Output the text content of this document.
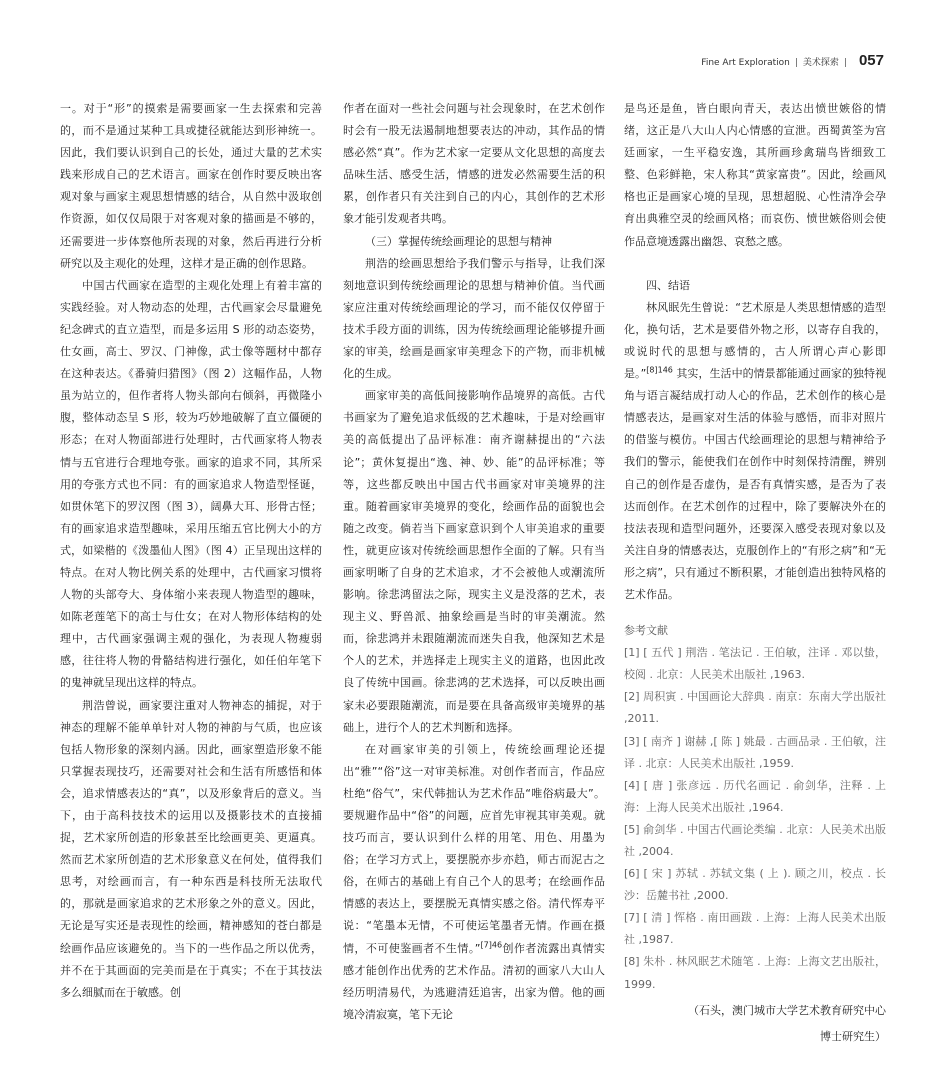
Fine Art Exploration | 美术探索 | 057

一。对于“形”的摸索是需要画家一生去探索和完善的，而不是通过某种工具或捷径就能达到形神统一。因此，我们要认识到自己的长处，通过大量的艺术实践来形成自己的艺术语言。画家在创作时要反映出客观对象与画家主观思想情感的结合，从自然中汲取创作资源，如仅仅局限于对客观对象的描画是不够的，还需要进一步体察他所表现的对象，然后再进行分析研究以及主观化的处理，这样才是正确的创作思路。

中国古代画家在造型的主观化处理上有着丰富的实践经验。对人物动态的处理，古代画家会尽量避免纪念碑式的直立造型，而是多运用 S 形的动态姿势，仕女画，高士、罗汉、门神像，武士像等题材中都存在这种表达。《番骑归猎图》（图 2）这幅作品，人物虽为站立的，但作者将人物头部向右倾斜，再微隆小腹，整体动态呈 S 形，较为巧妙地破解了直立僵硬的形态；在对人物面部进行处理时，古代画家将人物表情与五官进行合理地夸张。画家的追求不同，其所采用的夸张方式也不同：有的画家追求人物造型怪诞，如贯休笔下的罗汉图（图 3），阔鼻大耳、形骨古怪；有的画家追求造型趣味，采用压缩五官比例大小的方式，如梁楷的《泼墨仙人图》（图 4）正呈现出这样的特点。在对人物比例关系的处理中，古代画家习惯将人物的头部夸大、身体缩小来表现人物造型的趣味，如陈老莲笔下的高士与仕女；在对人物形体结构的处理中，古代画家强调主观的强化，为表现人物瘦弱感，往往将人物的骨骼结构进行强化，如任伯年笔下的鬼神就呈现出这样的特点。

荆浩曾说，画家要注重对人物神态的捕捉，对于神态的理解不能单单针对人物的神韵与气质，也应该包括人物形象的深刻内涵。因此，画家塑造形象不能只掌握表现技巧，还需要对社会和生活有所感悟和体会，追求情感表达的“真”，以及形象背后的意义。当下，由于高科技技术的运用以及摄影技术的直接捕捉，艺术家所创造的形象甚至比绘画更美、更逼真。然而艺术家所创造的艺术形象意义在何处，值得我们思考，对绘画而言，有一种东西是科技所无法取代的，那就是画家追求的艺术形象之外的意义。因此，无论是写实还是表现性的绘画，精神感知的苍白都是绘画作品应该避免的。当下的一些作品之所以优秀，并不在于其画面的完美而是在于真实；不在于其技法多么细腻而在于敏感。创

作者在面对一些社会问题与社会现象时，在艺术创作时会有一股无法遏制地想要表达的冲动，其作品的情感必然“真”。作为艺术家一定要从文化思想的高度去品味生活、感受生活，情感的迸发必然需要生活的积累，创作者只有关注到自己的内心，其创作的艺术形象才能引发观者共鸣。

（三）掌握传统绘画理论的思想与精神

荆浩的绘画思想给予我们警示与指导，让我们深刻地意识到传统绘画理论的思想与精神价值。当代画家应注重对传统绘画理论的学习，而不能仅仅停留于技术手段方面的训练，因为传统绘画理论能够提升画家的审美，绘画是画家审美理念下的产物，而非机械化的生成。

画家审美的高低间接影响作品境界的高低。古代书画家为了避免追求低级的艺术趣味，于是对绘画审美的高低提出了品评标准：南齐谢赫提出的“六法论”；黄休复提出“逸、神、妙、能”的品评标准；等等，这些都反映出中国古代书画家对审美境界的注重。随着画家审美境界的变化，绘画作品的面貌也会随之改变。倘若当下画家意识到个人审美追求的重要性，就更应该对传统绘画思想作全面的了解。只有当画家明晰了自身的艺术追求，才不会被他人或潮流所影响。徐悲鸿留法之际，现实主义是没落的艺术，表现主义、野兽派、抽象绘画是当时的审美潮流。然而，徐悲鸿并未跟随潮流而迷失自我，他深知艺术是个人的艺术，并选择走上现实主义的道路，也因此改良了传统中国画。徐悲鸿的艺术选择，可以反映出画家未必要跟随潮流，而是要在具备高级审美境界的基础上，进行个人的艺术判断和选择。

在对画家审美的引领上，传统绘画理论还提出“雅”“俗”这一对审美标准。对创作者而言，作品应杜绝“俗气”，宋代韩拙认为艺术作品“唯俗病最大”。要规避作品中“俗”的问题，应首先审视其审美观。就技巧而言，要认识到什么样的用笔、用色、用墨为俗；在学习方式上，要摆脱亦步亦趋，师古而泥古之俗，在师古的基础上有自己个人的思考；在绘画作品情感的表达上，要摆脱无真情实感之俗。清代恽寿平说：“笔墨本无情，不可使运笔墨者无情。作画在摄情，不可使鉴画者不生情。”$^{[7]46}$创作者流露出真情实感才能创作出优秀的艺术作品。清初的画家八大山人经历明清易代，为逃避清廷追害，出家为僧。他的画境冷清寂寞，笔下无论

是鸟还是鱼，皆白眼向青天，表达出愤世嫉俗的情绪，这正是八大山人内心情感的宣泄。西蜀黄筌为宫廷画家，一生平稳安逸，其所画珍禽瑞鸟皆细致工整、色彩鲜艳，宋人称其“黄家富贵”。因此，绘画风格也正是画家心境的呈现，思想超脱、心性清净会孕育出典雅空灵的绘画风格；而哀伤、愤世嫉俗则会使作品意境透露出幽怨、哀愁之感。

四、结语

林风眠先生曾说：“艺术原是人类思想情感的造型化，换句话，艺术是要借外物之形，以寄存自我的，或说时代的思想与感情的，古人所谓心声心影即是。”$^{[8]146}$ 其实，生活中的情景都能通过画家的独特视角与语言凝结成打动人心的作品，艺术创作的核心是情感表达，是画家对生活的体验与感悟，而非对照片的借鉴与模仿。中国古代绘画理论的思想与精神给予我们的警示，能使我们在创作中时刻保持清醒，辨别自己的创作是否虚伪，是否有真情实感，是否为了表达而创作。在艺术创作的过程中，除了要解决外在的技法表现和造型问题外，还要深入感受表现对象以及关注自身的情感表达，克服创作上的“有形之病”和“无形之病”，只有通过不断积累，才能创造出独特风格的艺术作品。

参考文献

[1] [ 五代 ] 荆浩 . 笔法记 . 王伯敏，注译 . 邓以蛰，校阅 . 北京：人民美术出版社 ,1963.

[2] 周积寅 . 中国画论大辞典 . 南京：东南大学出版社 ,2011.

[3] [ 南齐 ] 谢赫 ,[ 陈 ] 姚最 . 古画品录 . 王伯敏，注译 . 北京：人民美术出版社 ,1959.

[4] [ 唐 ] 张彦远 . 历代名画记 . 俞剑华，注释 . 上海：上海人民美术出版社 ,1964.

[5] 俞剑华 . 中国古代画论类编 . 北京：人民美术出版社 ,2004.

[6] [ 宋 ] 苏轼 . 苏轼文集 ( 上 ). 顾之川，校点 . 长沙：岳麓书社 ,2000.

[7] [ 清 ] 恽格 . 南田画跋 . 上海：上海人民美术出版社 ,1987.

[8] 朱朴 . 林风眠艺术随笔 . 上海：上海文艺出版社，1999.

（石头，澳门城市大学艺术教育研究中心

博士研究生）
